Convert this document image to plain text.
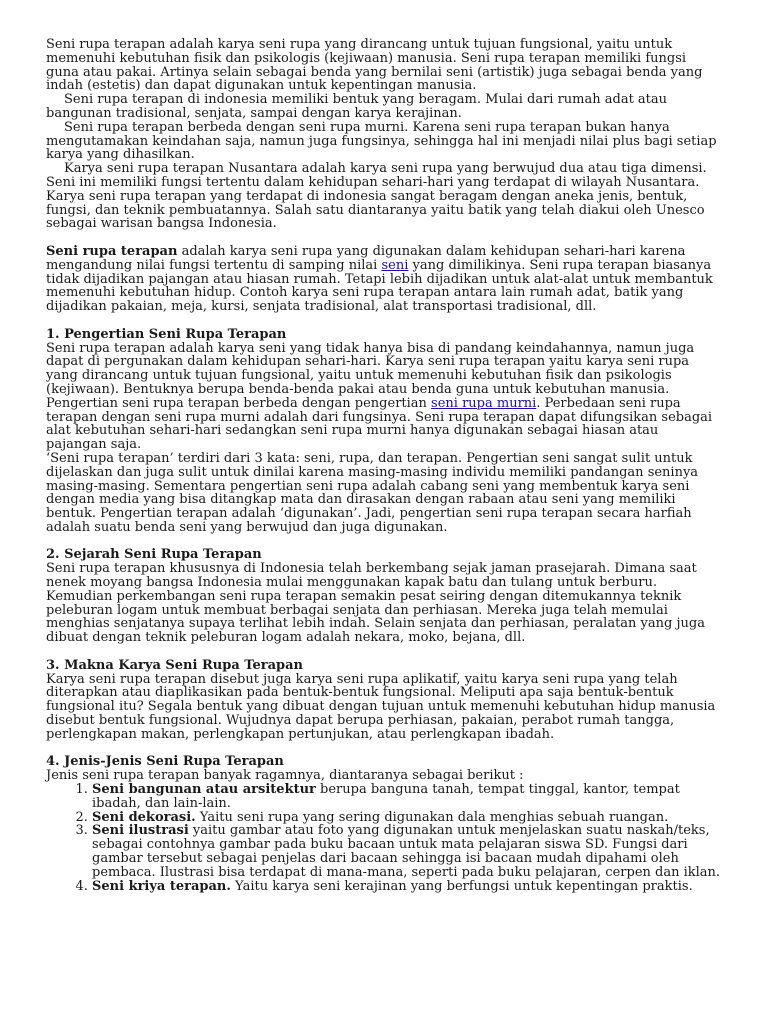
Seni rupa terapan adalah karya seni rupa yang dirancang untuk tujuan fungsional, yaitu untuk memenuhi kebutuhan fisik dan psikologis (kejiwaan) manusia. Seni rupa terapan memiliki fungsi guna atau pakai. Artinya selain sebagai benda yang bernilai seni (artistik) juga sebagai benda yang indah (estetis) dan dapat digunakan untuk kepentingan manusia.

Seni rupa terapan di indonesia memiliki bentuk yang beragam. Mulai dari rumah adat atau bangunan tradisional, senjata, sampai dengan karya kerajinan.

Seni rupa terapan berbeda dengan seni rupa murni. Karena seni rupa terapan bukan hanya mengutamakan keindahan saja, namun juga fungsinya, sehingga hal ini menjadi nilai plus bagi setiap karya yang dihasilkan.

Karya seni rupa terapan Nusantara adalah karya seni rupa yang berwujud dua atau tiga dimensi. Seni ini memiliki fungsi tertentu dalam kehidupan sehari-hari yang terdapat di wilayah Nusantara. Karya seni rupa terapan yang terdapat di indonesia sangat beragam dengan aneka jenis, bentuk, fungsi, dan teknik pembuatannya. Salah satu diantaranya yaitu batik yang telah diakui oleh Unesco sebagai warisan bangsa Indonesia.

Seni rupa terapan adalah karya seni rupa yang digunakan dalam kehidupan sehari-hari karena mengandung nilai fungsi tertentu di samping nilai seni yang dimilikinya. Seni rupa terapan biasanya tidak dijadikan pajangan atau hiasan rumah. Tetapi lebih dijadikan untuk alat-alat untuk membantuk memenuhi kebutuhan hidup. Contoh karya seni rupa terapan antara lain rumah adat, batik yang dijadikan pakaian, meja, kursi, senjata tradisional, alat transportasi tradisional, dll.

1. Pengertian Seni Rupa Terapan

Seni rupa terapan adalah karya seni yang tidak hanya bisa di pandang keindahannya, namun juga dapat di pergunakan dalam kehidupan sehari-hari. Karya seni rupa terapan yaitu karya seni rupa yang dirancang untuk tujuan fungsional, yaitu untuk memenuhi kebutuhan fisik dan psikologis (kejiwaan). Bentuknya berupa benda-benda pakai atau benda guna untuk kebutuhan manusia.

Pengertian seni rupa terapan berbeda dengan pengertian seni rupa murni. Perbedaan seni rupa terapan dengan seni rupa murni adalah dari fungsinya. Seni rupa terapan dapat difungsikan sebagai alat kebutuhan sehari-hari sedangkan seni rupa murni hanya digunakan sebagai hiasan atau pajangan saja.

‘Seni rupa terapan’ terdiri dari 3 kata: seni, rupa, dan terapan. Pengertian seni sangat sulit untuk dijelaskan dan juga sulit untuk dinilai karena masing-masing individu memiliki pandangan seninya masing-masing. Sementara pengertian seni rupa adalah cabang seni yang membentuk karya seni dengan media yang bisa ditangkap mata dan dirasakan dengan rabaan atau seni yang memiliki bentuk. Pengertian terapan adalah ‘digunakan’. Jadi, pengertian seni rupa terapan secara harfiah adalah suatu benda seni yang berwujud dan juga digunakan.

2. Sejarah Seni Rupa Terapan

Seni rupa terapan khususnya di Indonesia telah berkembang sejak jaman prasejarah. Dimana saat nenek moyang bangsa Indonesia mulai menggunakan kapak batu dan tulang untuk berburu. Kemudian perkembangan seni rupa terapan semakin pesat seiring dengan ditemukannya teknik peleburan logam untuk membuat berbagai senjata dan perhiasan. Mereka juga telah memulai menghias senjatanya supaya terlihat lebih indah. Selain senjata dan perhiasan, peralatan yang juga dibuat dengan teknik peleburan logam adalah nekara, moko, bejana, dll.

3. Makna Karya Seni Rupa Terapan

Karya seni rupa terapan disebut juga karya seni rupa aplikatif, yaitu karya seni rupa yang telah diterapkan atau diaplikasikan pada bentuk-bentuk fungsional. Meliputi apa saja bentuk-bentuk fungsional itu? Segala bentuk yang dibuat dengan tujuan untuk memenuhi kebutuhan hidup manusia disebut bentuk fungsional. Wujudnya dapat berupa perhiasan, pakaian, perabot rumah tangga, perlengkapan makan, perlengkapan pertunjukan, atau perlengkapan ibadah.

4. Jenis-Jenis Seni Rupa Terapan

Jenis seni rupa terapan banyak ragamnya, diantaranya sebagai berikut :

1. Seni bangunan atau arsitektur berupa banguna tanah, tempat tinggal, kantor, tempat ibadah, dan lain-lain.
2. Seni dekorasi. Yaitu seni rupa yang sering digunakan dala menghias sebuah ruangan.
3. Seni ilustrasi yaitu gambar atau foto yang digunakan untuk menjelaskan suatu naskah/teks, sebagai contohnya gambar pada buku bacaan untuk mata pelajaran siswa SD. Fungsi dari gambar tersebut sebagai penjelas dari bacaan sehingga isi bacaan mudah dipahami oleh pembaca. Ilustrasi bisa terdapat di mana-mana, seperti pada buku pelajaran, cerpen dan iklan.
4. Seni kriya terapan. Yaitu karya seni kerajinan yang berfungsi untuk kepentingan praktis.
